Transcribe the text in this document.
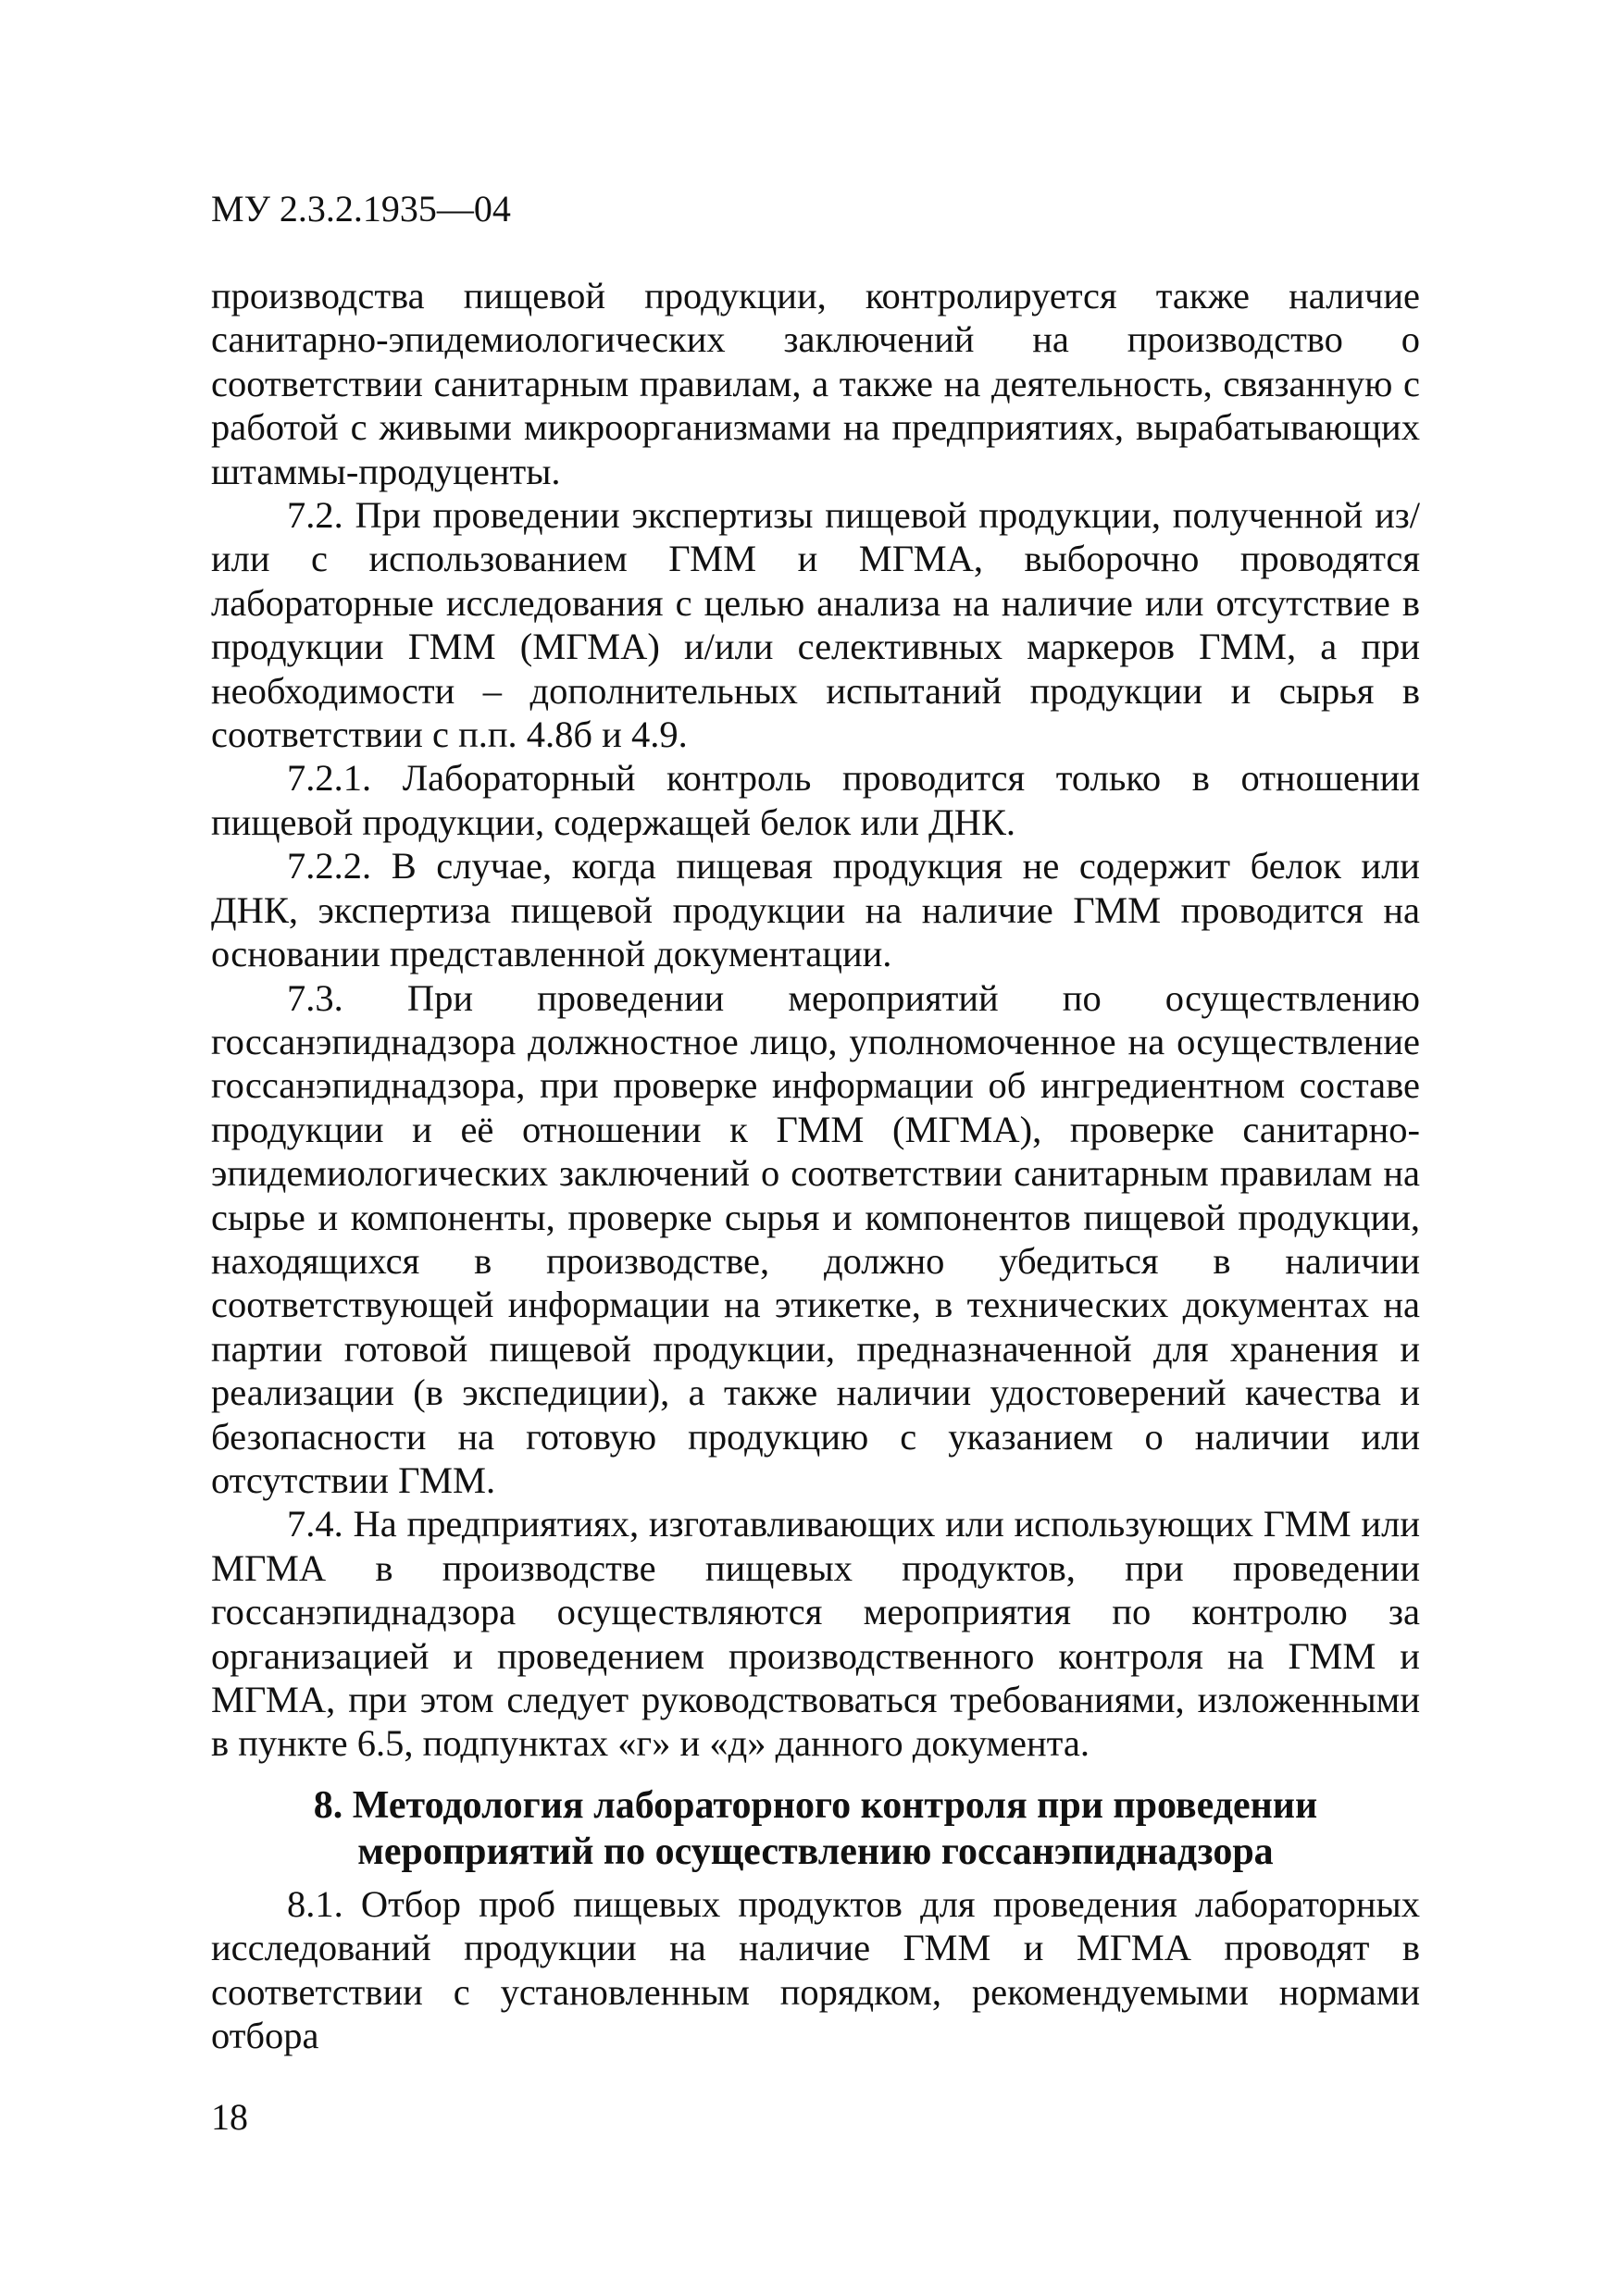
МУ 2.3.2.1935—04

производства пищевой продукции, контролируется также наличие санитарно-эпидемиологических заключений на производство о соответствии санитарным правилам, а также на деятельность, связанную с работой с живыми микроорганизмами на предприятиях, вырабатывающих штаммы-продуценты.

7.2. При проведении экспертизы пищевой продукции, полученной из/или с использованием ГММ и МГМА, выборочно проводятся лабораторные исследования с целью анализа на наличие или отсутствие в продукции ГММ (МГМА) и/или селективных маркеров ГММ, а при необходимости – дополнительных испытаний продукции и сырья в соответствии с п.п. 4.8б и 4.9.

7.2.1. Лабораторный контроль проводится только в отношении пищевой продукции, содержащей белок или ДНК.

7.2.2. В случае, когда пищевая продукция не содержит белок или ДНК, экспертиза пищевой продукции на наличие ГММ проводится на основании представленной документации.

7.3. При проведении мероприятий по осуществлению госсанэпиднадзора должностное лицо, уполномоченное на осуществление госсанэпиднадзора, при проверке информации об ингредиентном составе продукции и её отношении к ГММ (МГМА), проверке санитарно-эпидемиологических заключений о соответствии санитарным правилам на сырье и компоненты, проверке сырья и компонентов пищевой продукции, находящихся в производстве, должно убедиться в наличии соответствующей информации на этикетке, в технических документах на партии готовой пищевой продукции, предназначенной для хранения и реализации (в экспедиции), а также наличии удостоверений качества и безопасности на готовую продукцию с указанием о наличии или отсутствии ГММ.

7.4. На предприятиях, изготавливающих или использующих ГММ или МГМА в производстве пищевых продуктов, при проведении госсанэпиднадзора осуществляются мероприятия по контролю за организацией и проведением производственного контроля на ГММ и МГМА, при этом следует руководствоваться требованиями, изложенными в пункте 6.5, подпунктах «г» и «д» данного документа.

8. Методология лабораторного контроля при проведении
мероприятий по осуществлению госсанэпиднадзора

8.1. Отбор проб пищевых продуктов для проведения лабораторных исследований продукции на наличие ГММ и МГМА проводят в соответствии с установленным порядком, рекомендуемыми нормами отбора

18
